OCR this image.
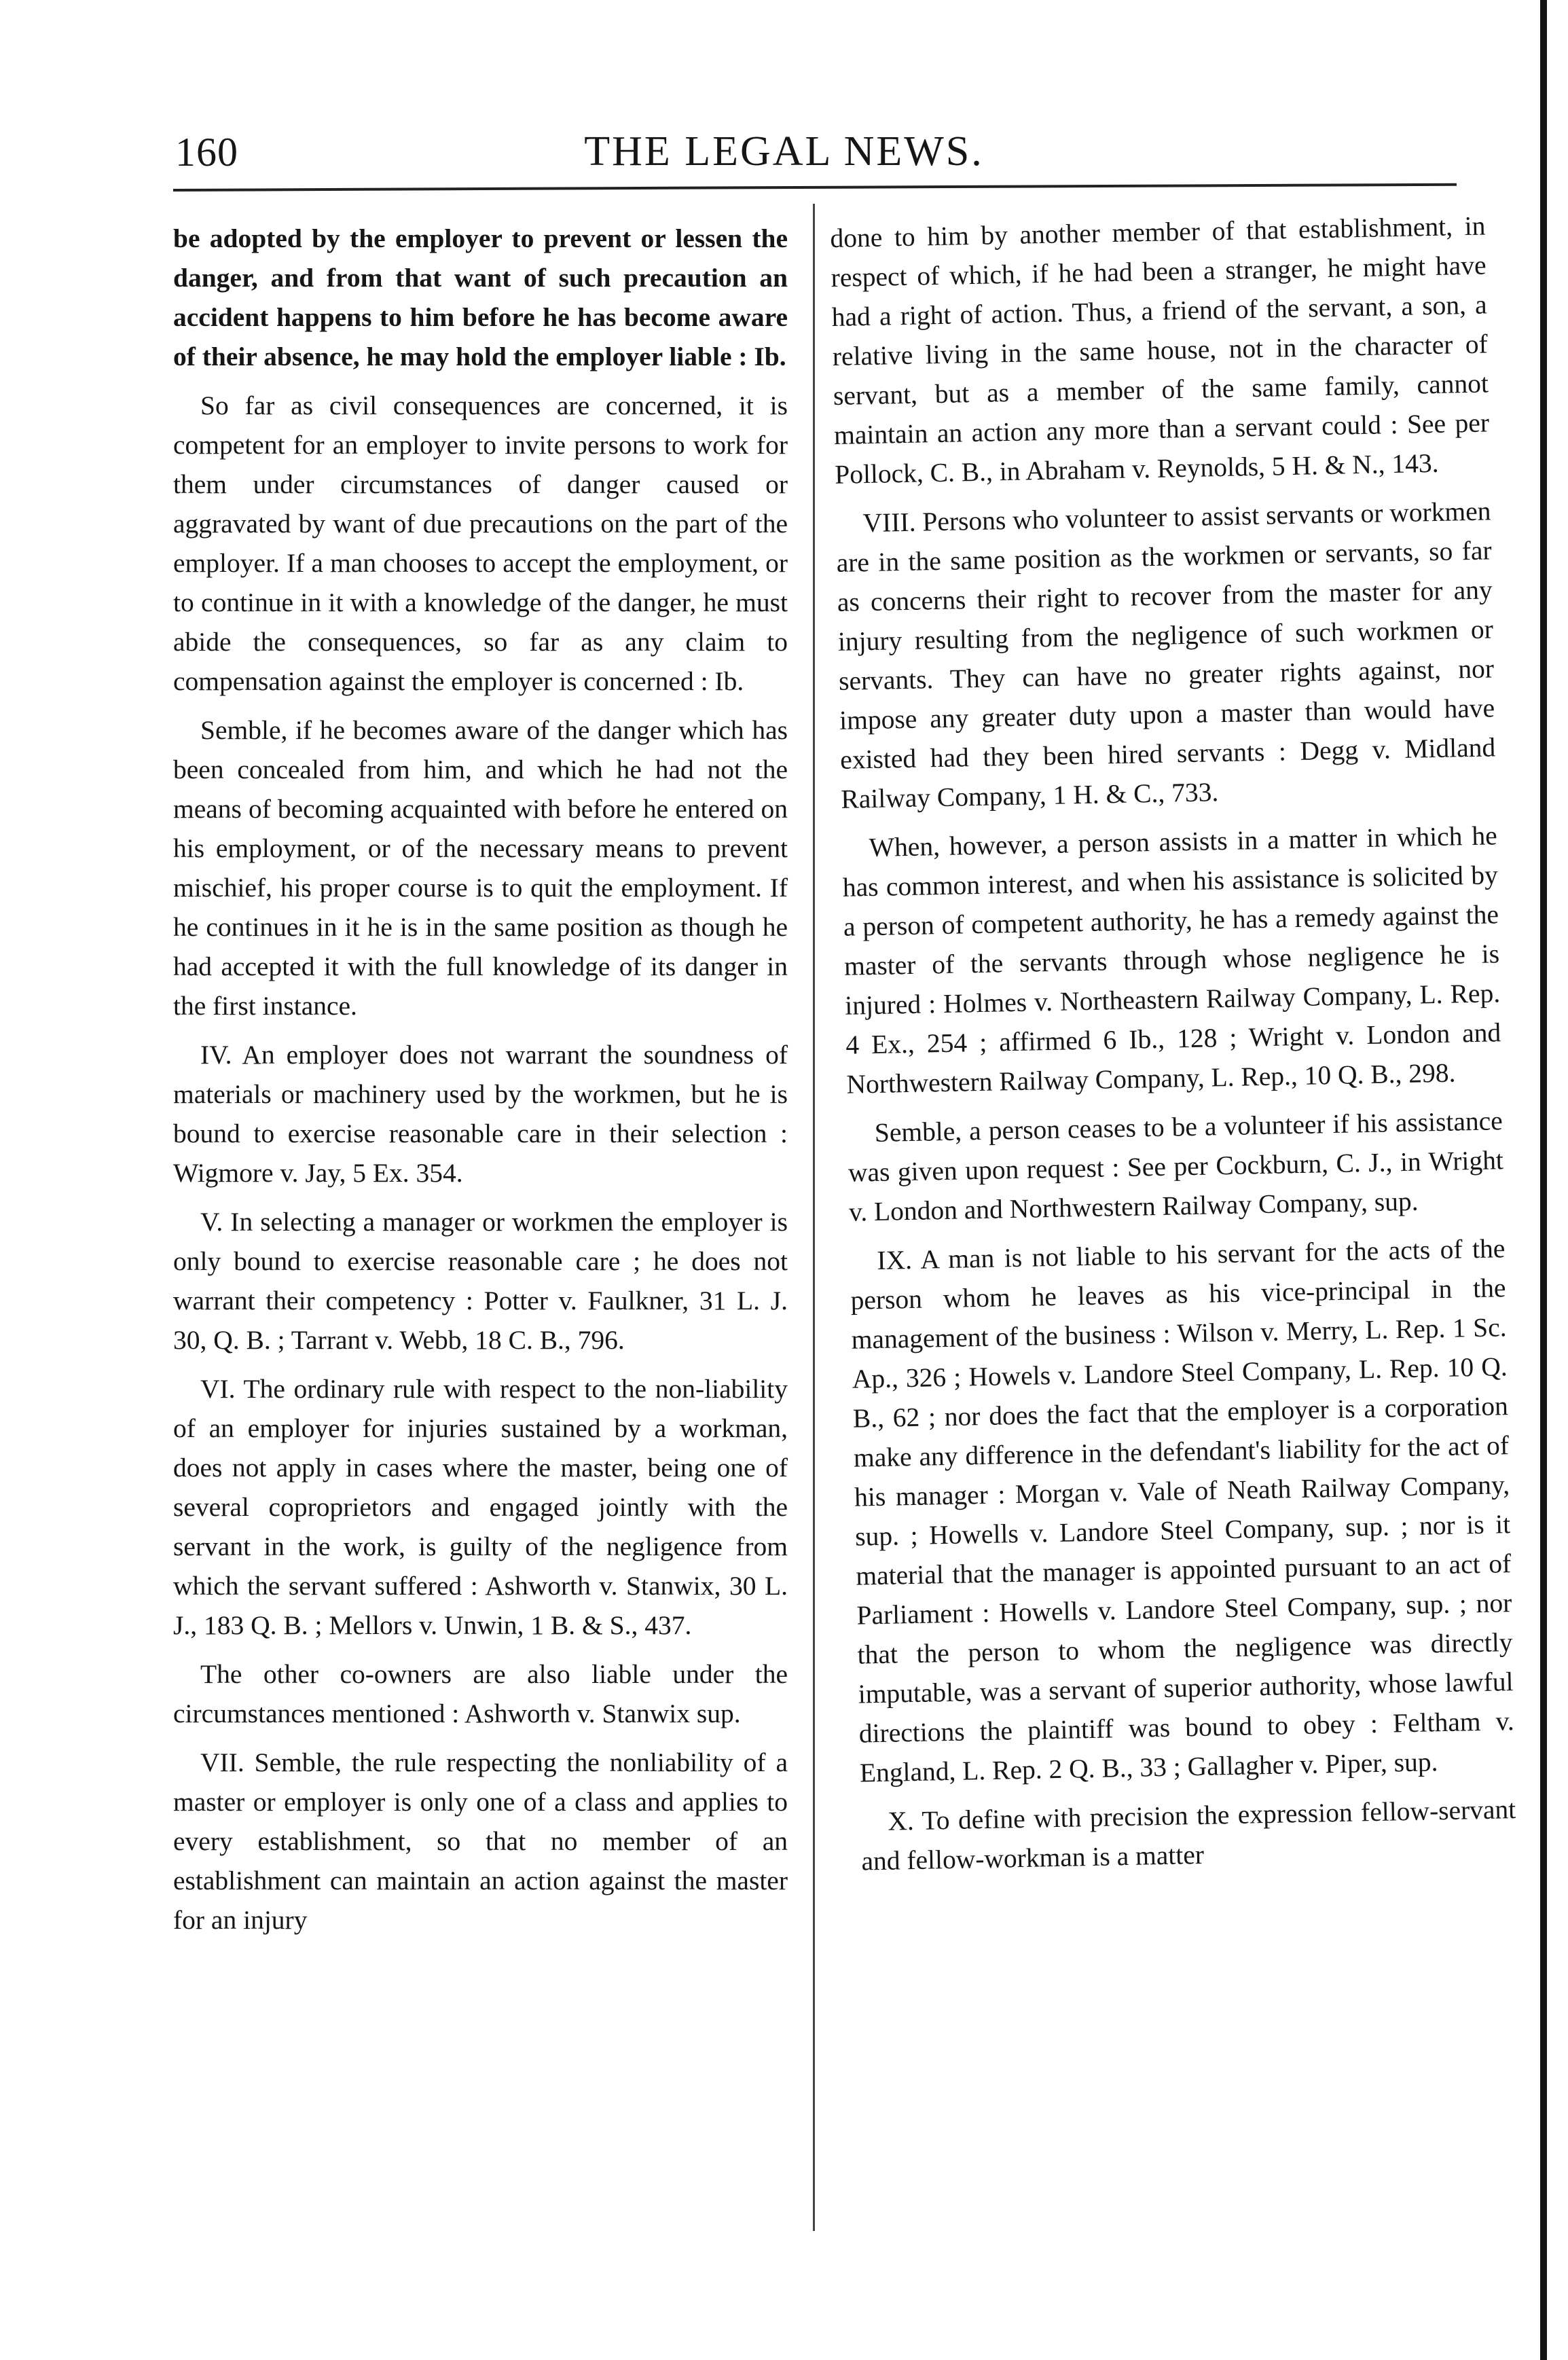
160	THE LEGAL NEWS.

be adopted by the employer to prevent or lessen the danger, and from that want of such precaution an accident happens to him before he has become aware of their absence, he may hold the employer liable : Ib.

So far as civil consequences are concerned, it is competent for an employer to invite persons to work for them under circumstances of danger caused or aggravated by want of due precautions on the part of the employer. If a man chooses to accept the employment, or to continue in it with a knowledge of the danger, he must abide the consequences, so far as any claim to compensation against the employer is concerned : Ib.

Semble, if he becomes aware of the danger which has been concealed from him, and which he had not the means of becoming acquainted with before he entered on his employment, or of the necessary means to prevent mischief, his proper course is to quit the employment. If he continues in it he is in the same position as though he had accepted it with the full knowledge of its danger in the first instance.

IV. An employer does not warrant the soundness of materials or machinery used by the workmen, but he is bound to exercise reasonable care in their selection : Wigmore v. Jay, 5 Ex. 354.

V. In selecting a manager or workmen the employer is only bound to exercise reasonable care ; he does not warrant their competency : Potter v. Faulkner, 31 L. J. 30, Q. B. ; Tarrant v. Webb, 18 C. B., 796.

VI. The ordinary rule with respect to the non-liability of an employer for injuries sustained by a workman, does not apply in cases where the master, being one of several coproprietors and engaged jointly with the servant in the work, is guilty of the negligence from which the servant suffered : Ashworth v. Stanwix, 30 L. J., 183 Q. B. ; Mellors v. Unwin, 1 B. & S., 437.

The other co-owners are also liable under the circumstances mentioned : Ashworth v. Stanwix sup.

VII. Semble, the rule respecting the nonliability of a master or employer is only one of a class and applies to every establishment, so that no member of an establishment can maintain an action against the master for an injury

done to him by another member of that establishment, in respect of which, if he had been a stranger, he might have had a right of action. Thus, a friend of the servant, a son, a relative living in the same house, not in the character of servant, but as a member of the same family, cannot maintain an action any more than a servant could : See per Pollock, C. B., in Abraham v. Reynolds, 5 H. & N., 143.

VIII. Persons who volunteer to assist servants or workmen are in the same position as the workmen or servants, so far as concerns their right to recover from the master for any injury resulting from the negligence of such workmen or servants. They can have no greater rights against, nor impose any greater duty upon a master than would have existed had they been hired servants : Degg v. Midland Railway Company, 1 H. & C., 733.

When, however, a person assists in a matter in which he has common interest, and when his assistance is solicited by a person of competent authority, he has a remedy against the master of the servants through whose negligence he is injured : Holmes v. Northeastern Railway Company, L. Rep. 4 Ex., 254 ; affirmed 6 Ib., 128 ; Wright v. London and Northwestern Railway Company, L. Rep., 10 Q. B., 298.

Semble, a person ceases to be a volunteer if his assistance was given upon request : See per Cockburn, C. J., in Wright v. London and Northwestern Railway Company, sup.

IX. A man is not liable to his servant for the acts of the person whom he leaves as his vice-principal in the management of the business : Wilson v. Merry, L. Rep. 1 Sc. Ap., 326 ; Howels v. Landore Steel Company, L. Rep. 10 Q. B., 62 ; nor does the fact that the employer is a corporation make any difference in the defendant's liability for the act of his manager : Morgan v. Vale of Neath Railway Company, sup. ; Howells v. Landore Steel Company, sup. ; nor is it material that the manager is appointed pursuant to an act of Parliament : Howells v. Landore Steel Company, sup. ; nor that the person to whom the negligence was directly imputable, was a servant of superior authority, whose lawful directions the plaintiff was bound to obey : Feltham v. England, L. Rep. 2 Q. B., 33 ; Gallagher v. Piper, sup.

X. To define with precision the expression fellow-servant and fellow-workman is a matter
